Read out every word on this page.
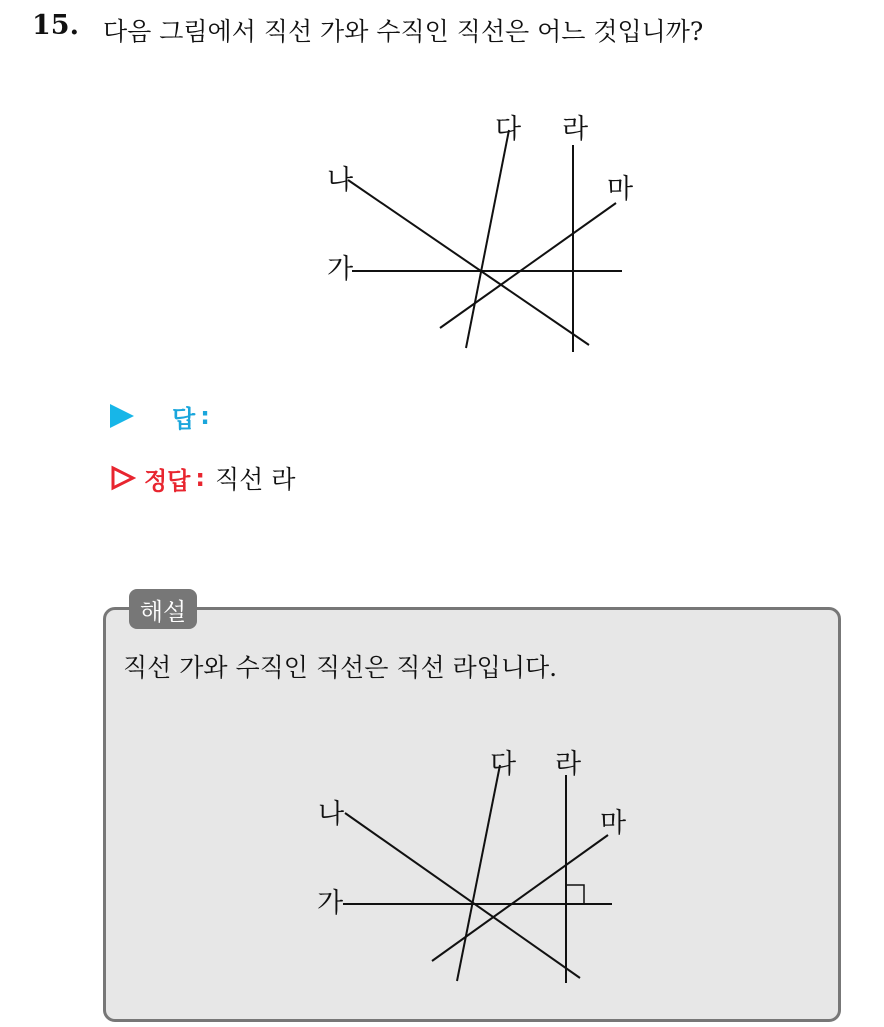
15. 다음 그림에서 직선 가와 수직인 직선은 어느 것입니까?
가
나
다 라
마
답 :
정답 : 직선 라
해설
직선 가와 수직인 직선은 직선 라입니다.
가
나
다 라
마
